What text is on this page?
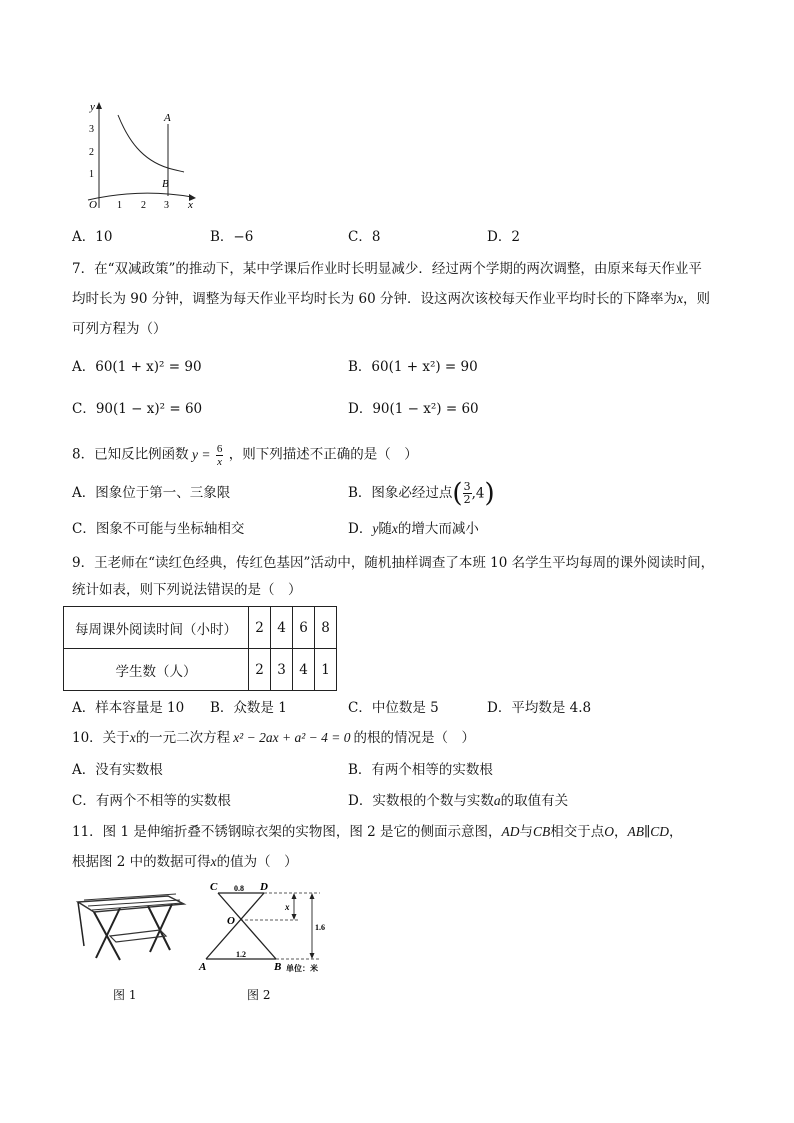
y
x
O
1
2
3
1 2 3
A
B
A．10	B．−6	C．8	D．2
7．在“双减政策”的推动下，某中学课后作业时长明显减少．经过两个学期的两次调整，由原来每天作业平
均时长为 90 分钟，调整为每天作业平均时长为 60 分钟．设这两次该校每天作业平均时长的下降率为x，则
可列方程为（）
A．60(1 + x)² = 90	B．60(1 + x²) = 90
C．90(1 − x)² = 60	D．90(1 − x²) = 60
8．已知反比例函数 $y = \frac{6}{x}$ ，则下列描述不正确的是（　）
A．图象位于第一、三象限	B．图象必经过点( $\frac{3}{2} ,4$)
C．图象不可能与坐标轴相交	D．y随x的增大而减小
9．王老师在“读红色经典，传红色基因”活动中，随机抽样调查了本班 10 名学生平均每周的课外阅读时间，
统计如表，则下列说法错误的是（　）
每周课外阅读时间（小时）	2	4	6	8
学生数（人）	2	3	4	1
A．样本容量是 10 B．众数是 1	C．中位数是 5	D．平均数是 4.8
10．关于x的一元二次方程 x² − 2ax + a² − 4 = 0 的根的情况是（　）
A．没有实数根	B．有两个相等的实数根
C．有两个不相等的实数根	D．实数根的个数与实数a的取值有关
11．图 1 是伸缩折叠不锈钢晾衣架的实物图，图 2 是它的侧面示意图，AD与CB相交于点O，AB∥CD，
根据图 2 中的数据可得x的值为（　）
图 1
C	D
O
A	B
0.8
1.2
x
1.6
单位：米
图 2
